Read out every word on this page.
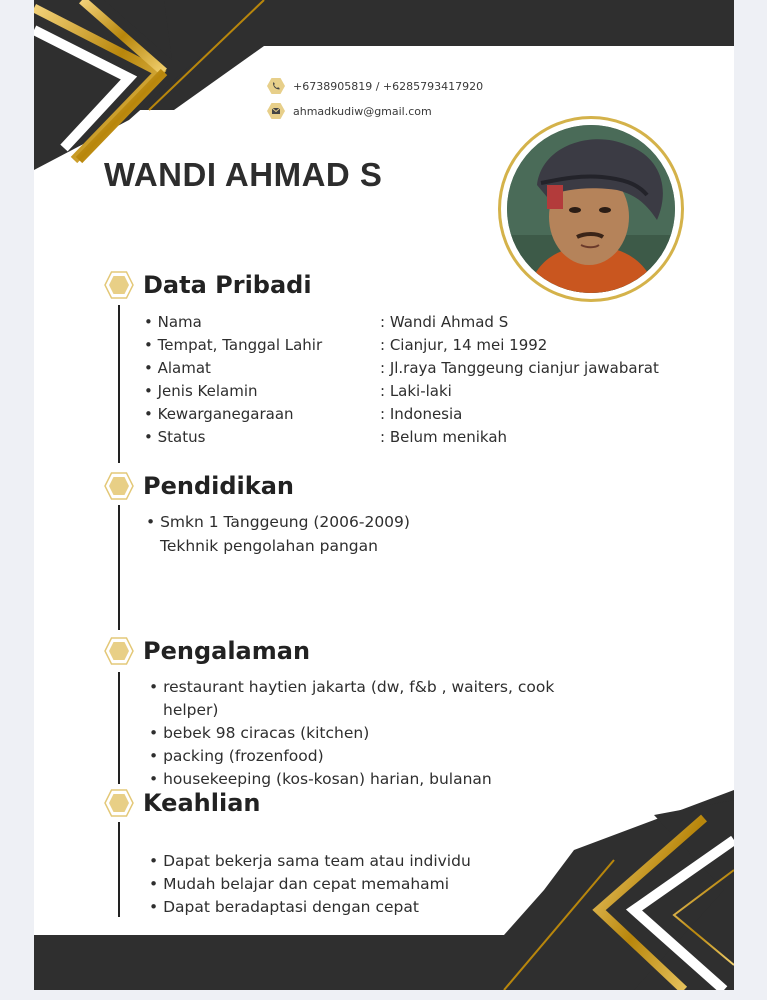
+6738905819 / +6285793417920
ahmadkudiw@gmail.com
WANDI AHMAD S
Data Pribadi
• Nama	: Wandi Ahmad S
• Tempat, Tanggal Lahir	: Cianjur, 14 mei 1992
• Alamat	: Jl.raya Tanggeung cianjur jawabarat
• Jenis Kelamin	: Laki-laki
• Kewarganegaraan	: Indonesia
• Status	: Belum menikah
Pendidikan
• Smkn 1 Tanggeung (2006-2009)
Tekhnik pengolahan pangan
Pengalaman
• restaurant haytien jakarta (dw, f&b , waiters, cook
helper)
• bebek 98 ciracas (kitchen)
• packing (frozenfood)
• housekeeping (kos-kosan) harian, bulanan
Keahlian
• Dapat bekerja sama team atau individu
• Mudah belajar dan cepat memahami
• Dapat beradaptasi dengan cepat
